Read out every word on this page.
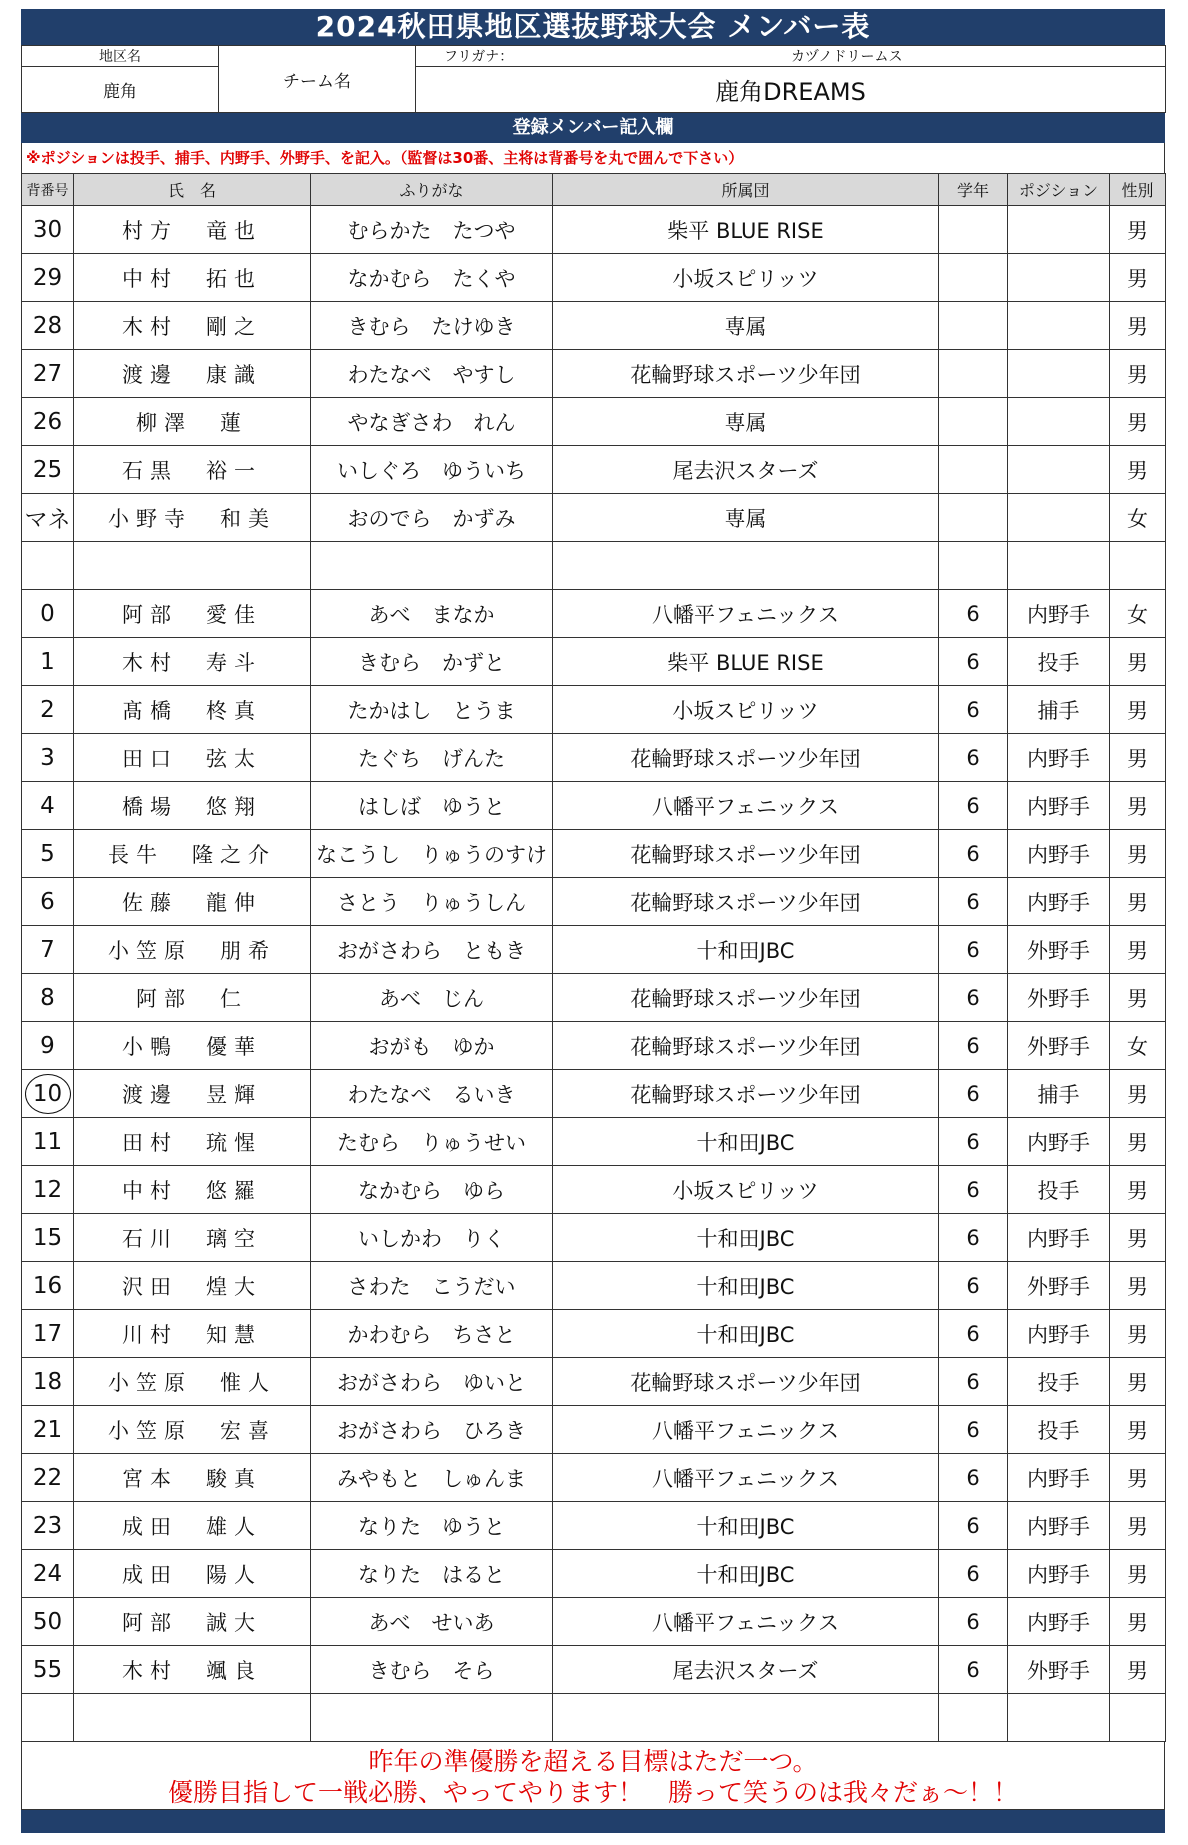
2024秋田県地区選抜野球大会 メンバー表
地区名	チーム名	フリガナ： カヅノドリームス

鹿角		鹿角DREAMS
登録メンバー記入欄
※ポジションは投手、捕手、内野手、外野手、を記入。（監督は30番、主将は背番号を丸で囲んで下さい）
背番号	氏　名	ふりがな	所属団	学年	ポジション	性別
30	村方　竜也	むらかた　たつや	柴平 BLUE RISE			男
29	中村　拓也	なかむら　たくや	小坂スピリッツ			男
28	木村　剛之	きむら　たけゆき	専属			男
27	渡邊　康識	わたなべ　やすし	花輪野球スポーツ少年団			男
26	柳澤　蓮	やなぎさわ　れん	専属			男
25	石黒　裕一	いしぐろ　ゆういち	尾去沢スターズ			男
マネ	小野寺　和美	おのでら　かずみ	専属			女

0	阿部　愛佳	あべ　まなか	八幡平フェニックス	6	内野手	女
1	木村　寿斗	きむら　かずと	柴平 BLUE RISE	6	投手	男
2	髙橋　柊真	たかはし　とうま	小坂スピリッツ	6	捕手	男
3	田口　弦太	たぐち　げんた	花輪野球スポーツ少年団	6	内野手	男
4	橋場　悠翔	はしば　ゆうと	八幡平フェニックス	6	内野手	男
5	長牛　隆之介	なこうし　りゅうのすけ	花輪野球スポーツ少年団	6	内野手	男
6	佐藤　龍伸	さとう　りゅうしん	花輪野球スポーツ少年団	6	内野手	男
7	小笠原　朋希	おがさわら　ともき	十和田JBC	6	外野手	男
8	阿部　仁	あべ　じん	花輪野球スポーツ少年団	6	外野手	男
9	小鴨　優華	おがも　ゆか	花輪野球スポーツ少年団	6	外野手	女
10	渡邊　昱輝	わたなべ　るいき	花輪野球スポーツ少年団	6	捕手	男
11	田村　琉惺	たむら　りゅうせい	十和田JBC	6	内野手	男
12	中村　悠羅	なかむら　ゆら	小坂スピリッツ	6	投手	男
15	石川　璃空	いしかわ　りく	十和田JBC	6	内野手	男
16	沢田　煌大	さわた　こうだい	十和田JBC	6	外野手	男
17	川村　知慧	かわむら　ちさと	十和田JBC	6	内野手	男
18	小笠原　惟人	おがさわら　ゆいと	花輪野球スポーツ少年団	6	投手	男
21	小笠原　宏喜	おがさわら　ひろき	八幡平フェニックス	6	投手	男
22	宮本　駿真	みやもと　しゅんま	八幡平フェニックス	6	内野手	男
23	成田　雄人	なりた　ゆうと	十和田JBC	6	内野手	男
24	成田　陽人	なりた　はると	十和田JBC	6	内野手	男
50	阿部　誠大	あべ　せいあ	八幡平フェニックス	6	内野手	男
55	木村　颯良	きむら　そら	尾去沢スターズ	6	外野手	男

昨年の準優勝を超える目標はただ一つ。
優勝目指して一戦必勝、やってやります！　勝って笑うのは我々だぁ～！！
